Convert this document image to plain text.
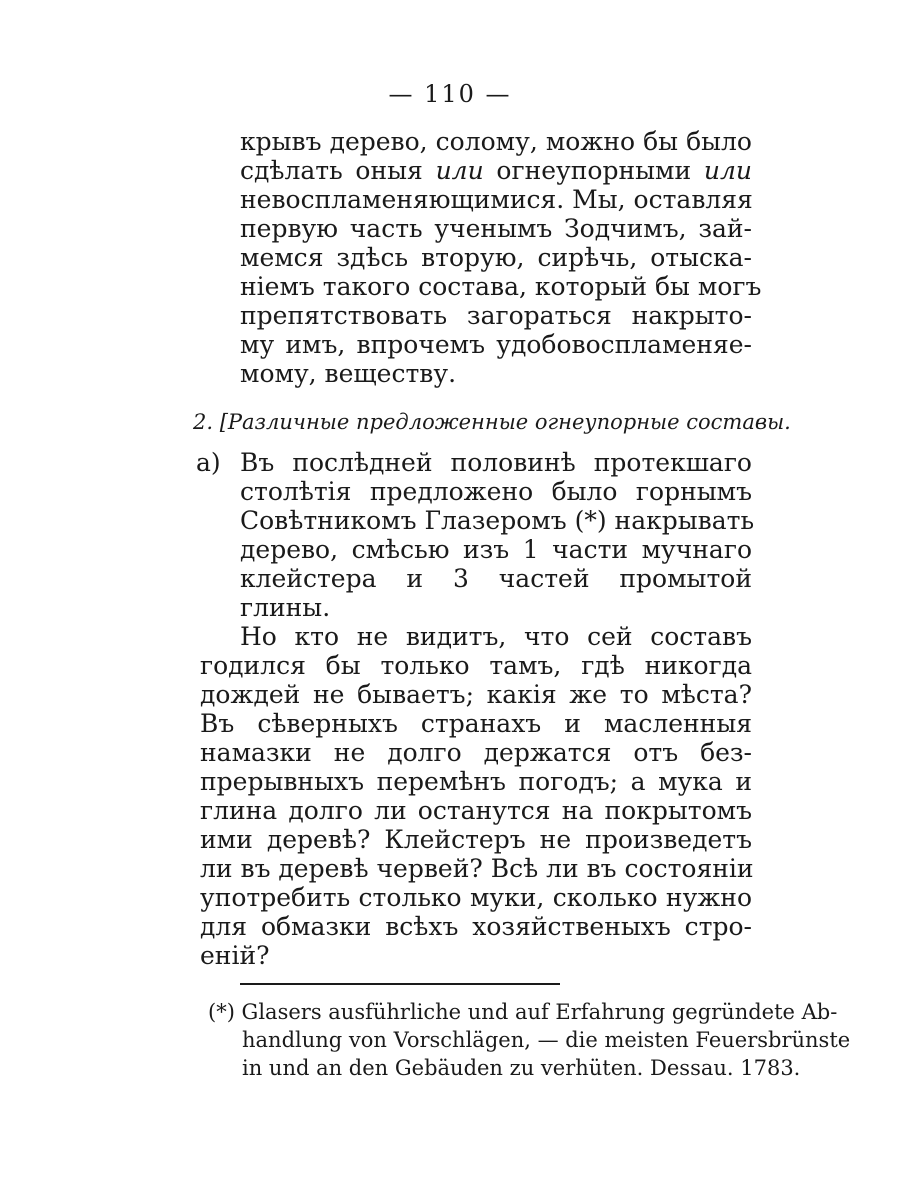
— 110 —
крывъ дерево, солому, можно бы было
сдѣлать оныя или огнеупорными или
невоспламеняющимися. Мы, оставляя
первую часть ученымъ Зодчимъ, зай-
мемся здѣсь вторую, сирѣчь, отыска-
ніемъ такого состава, который бы могъ
препятствовать загораться накрыто-
му имъ, впрочемъ удобовоспламеняе-
мому, веществу.
2. [Различные предложенные огнеупорные составы.
а) Въ послѣдней половинѣ протекшаго
столѣтія предложено было горнымъ
Совѣтникомъ Глазеромъ (*) накрывать
дерево, смѣсью изъ 1 части мучнаго
клейстера и 3 частей промытой
глины.
Но кто не видитъ, что сей составъ
годился бы только тамъ, гдѣ никогда
дождей не бываетъ; какія же то мѣста?
Въ сѣверныхъ странахъ и масленныя
намазки не долго держатся отъ без-
прерывныхъ перемѣнъ погодъ; а мука и
глина долго ли останутся на покрытомъ
ими деревѣ? Клейстеръ не произведетъ
ли въ деревѣ червей? Всѣ ли въ состояніи
употребить столько муки, сколько нужно
для обмазки всѣхъ хозяйственыхъ стро-
еній?
(*) Glasers ausführliche und auf Erfahrung gegründete Ab-
handlung von Vorschlägen, — die meisten Feuersbrünste
in und an den Gebäuden zu verhüten. Dessau. 1783.
